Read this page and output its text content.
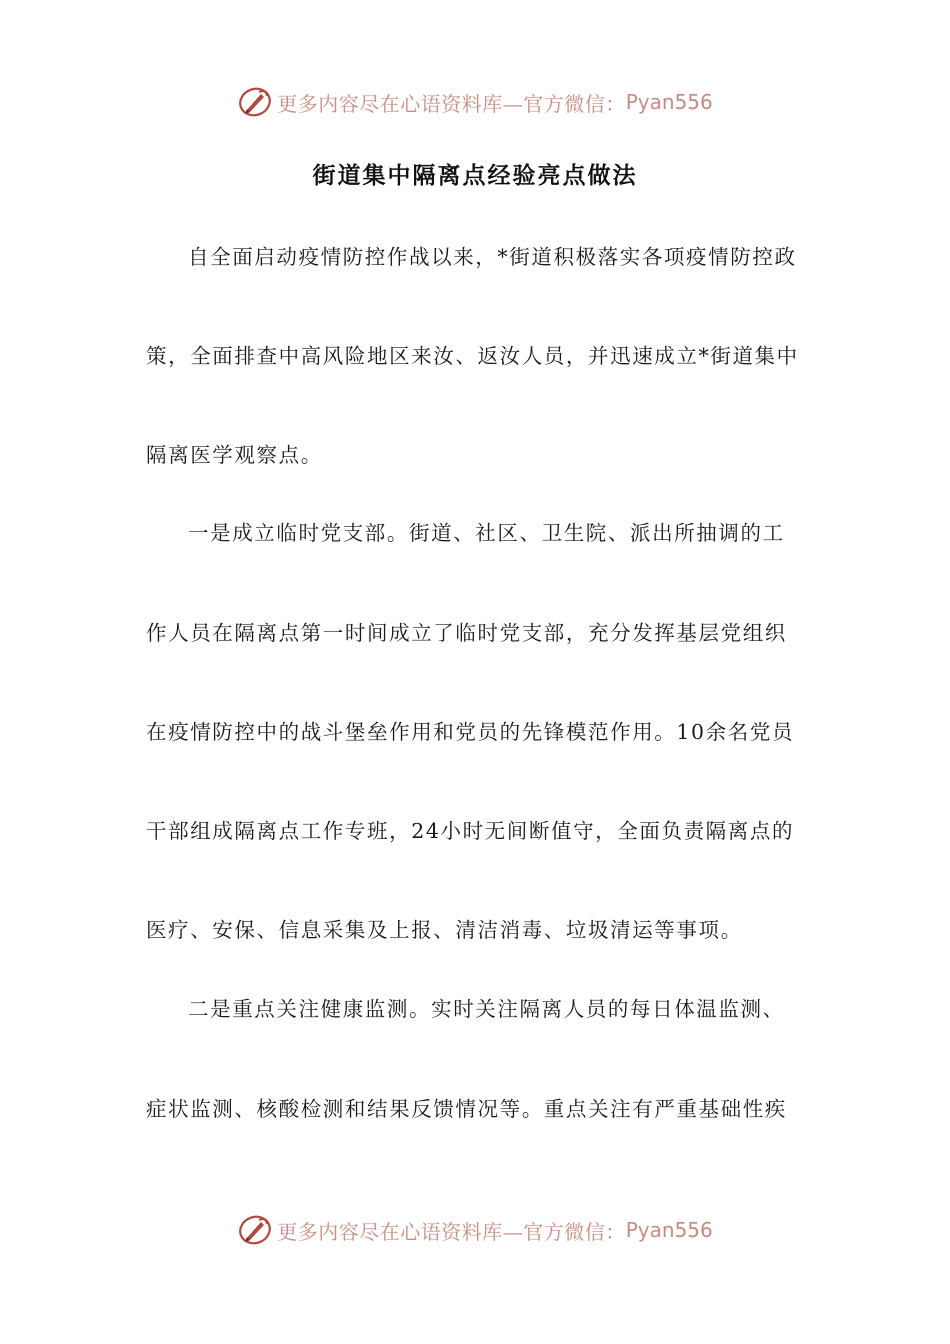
更多内容尽在心语资料库—官方微信： Pyan556
街道集中隔离点经验亮点做法
自全面启动疫情防控作战以来，*街道积极落实各项疫情防控政
策，全面排查中高风险地区来汝、返汝人员，并迅速成立*街道集中
隔离医学观察点。
一是成立临时党支部。街道、社区、卫生院、派出所抽调的工
作人员在隔离点第一时间成立了临时党支部，充分发挥基层党组织
在疫情防控中的战斗堡垒作用和党员的先锋模范作用。10余名党员
干部组成隔离点工作专班，24小时无间断值守，全面负责隔离点的
医疗、安保、信息采集及上报、清洁消毒、垃圾清运等事项。
二是重点关注健康监测。实时关注隔离人员的每日体温监测、
症状监测、核酸检测和结果反馈情况等。重点关注有严重基础性疾
更多内容尽在心语资料库—官方微信： Pyan556
